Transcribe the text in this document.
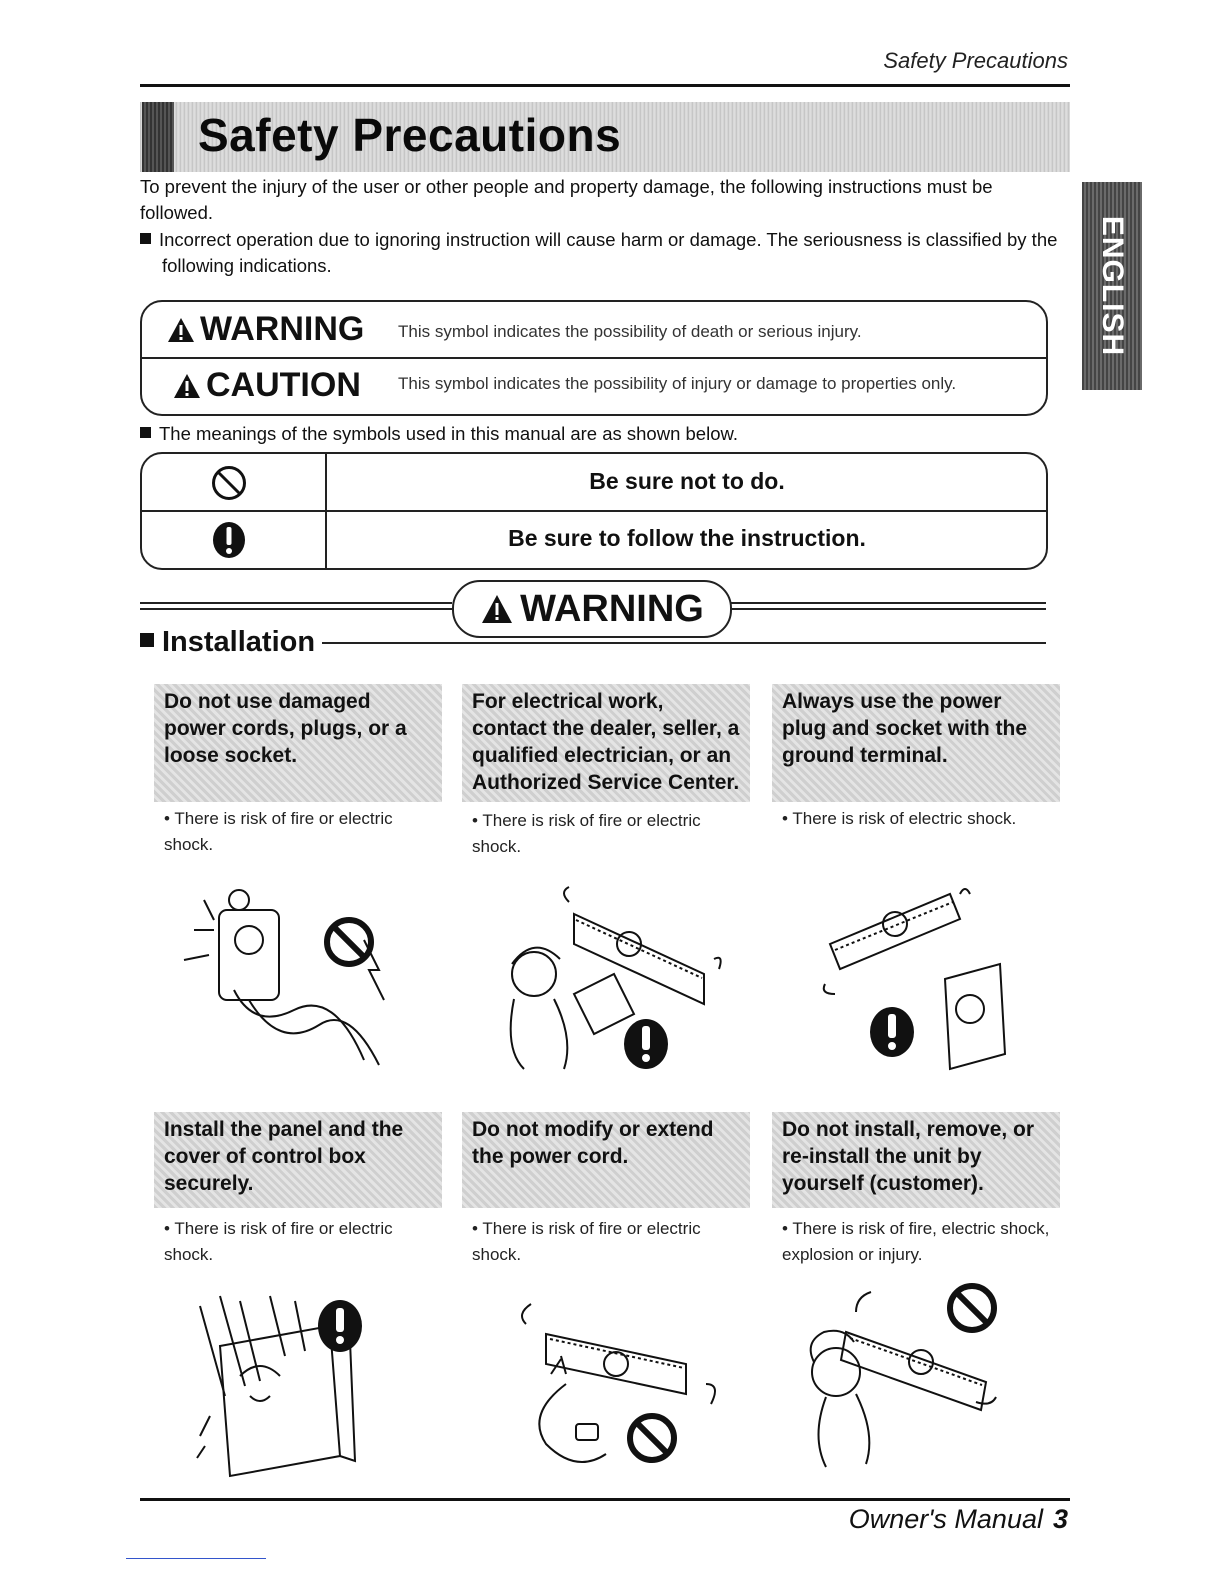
Safety Precautions
Safety Precautions
ENGLISH
To prevent the injury of the user or other people and property damage, the following instructions must be followed.
Incorrect operation due to ignoring instruction will cause harm or damage. The seriousness is classified by the following indications.
WARNING This symbol indicates the possibility of death or serious injury.
CAUTION This symbol indicates the possibility of injury or damage to properties only.
The meanings of the symbols used in this manual are as shown below.
Be sure not to do.
Be sure to follow the instruction.
WARNING
Installation
Do not use damaged power cords, plugs, or a loose socket.
For electrical work, contact the dealer, seller, a qualified electrician, or an Authorized Service Center.
Always use the power plug and socket with the ground terminal.
• There is risk of fire or electric shock.
• There is risk of fire or electric shock.
• There is risk of electric shock.
Install the panel and the cover of control box securely.
Do not modify or extend the power cord.
Do not install, remove, or re-install the unit by yourself (customer).
• There is risk of fire or electric shock.
• There is risk of fire or electric shock.
• There is risk of fire, electric shock, explosion or injury.
Owner's Manual 3
